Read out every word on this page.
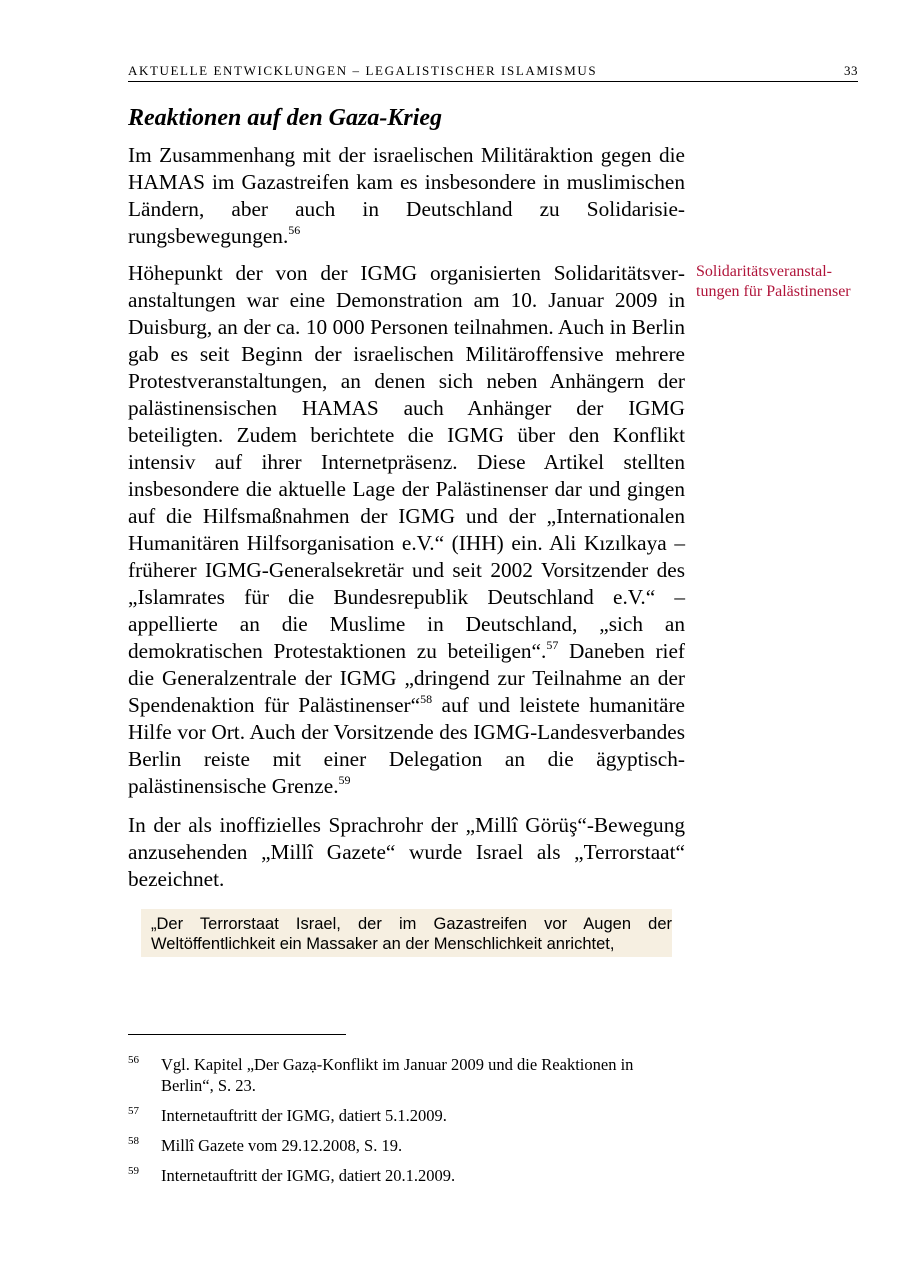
AKTUELLE ENTWICKLUNGEN – LEGALISTISCHER ISLAMISMUS	33
Reaktionen auf den Gaza-Krieg
Im Zusammenhang mit der israelischen Militäraktion gegen die HAMAS im Gazastreifen kam es insbesondere in muslimischen Ländern, aber auch in Deutschland zu Solidarisierungsbewegungen.$^{56}$
Höhepunkt der von der IGMG organisierten Solidaritätsveranstaltungen war eine Demonstration am 10. Januar 2009 in Duisburg, an der ca. 10 000 Personen teilnahmen. Auch in Berlin gab es seit Beginn der israelischen Militäroffensive mehrere Protestveranstaltungen, an denen sich neben Anhängern der palästinensischen HAMAS auch Anhänger der IGMG beteiligten. Zudem berichtete die IGMG über den Konflikt intensiv auf ihrer Internetpräsenz. Diese Artikel stellten insbesondere die aktuelle Lage der Palästinenser dar und gingen auf die Hilfsmaßnahmen der IGMG und der „Internationalen Humanitären Hilfsorganisation e.V.“ (IHH) ein. Ali Kızılkaya – früherer IGMG-Generalsekretär und seit 2002 Vorsitzender des „Islamrates für die Bundesrepublik Deutschland e.V.“ – appellierte an die Muslime in Deutschland, „sich an demokratischen Protestaktionen zu beteiligen“.$^{57}$ Daneben rief die Generalzentrale der IGMG „dringend zur Teilnahme an der Spendenaktion für Palästinenser“$^{58}$ auf und leistete humanitäre Hilfe vor Ort. Auch der Vorsitzende des IGMG-Landesverbandes Berlin reiste mit einer Delegation an die ägyptisch-palästinensische Grenze.$^{59}$
Solidaritätsveranstaltungen für Palästinenser
In der als inoffizielles Sprachrohr der „Millî Görüş“-Bewegung anzusehenden „Millî Gazete“ wurde Israel als „Terrorstaat“ bezeichnet.
„Der Terrorstaat Israel, der im Gazastreifen vor Augen der Weltöffentlichkeit ein Massaker an der Menschlichkeit anrichtet,
56 Vgl. Kapitel „Der Gazạ-Konflikt im Januar 2009 und die Reaktionen in Berlin“, S. 23.
57 Internetauftritt der IGMG, datiert 5.1.2009.
58 Millî Gazete vom 29.12.2008, S. 19.
59 Internetauftritt der IGMG, datiert 20.1.2009.
